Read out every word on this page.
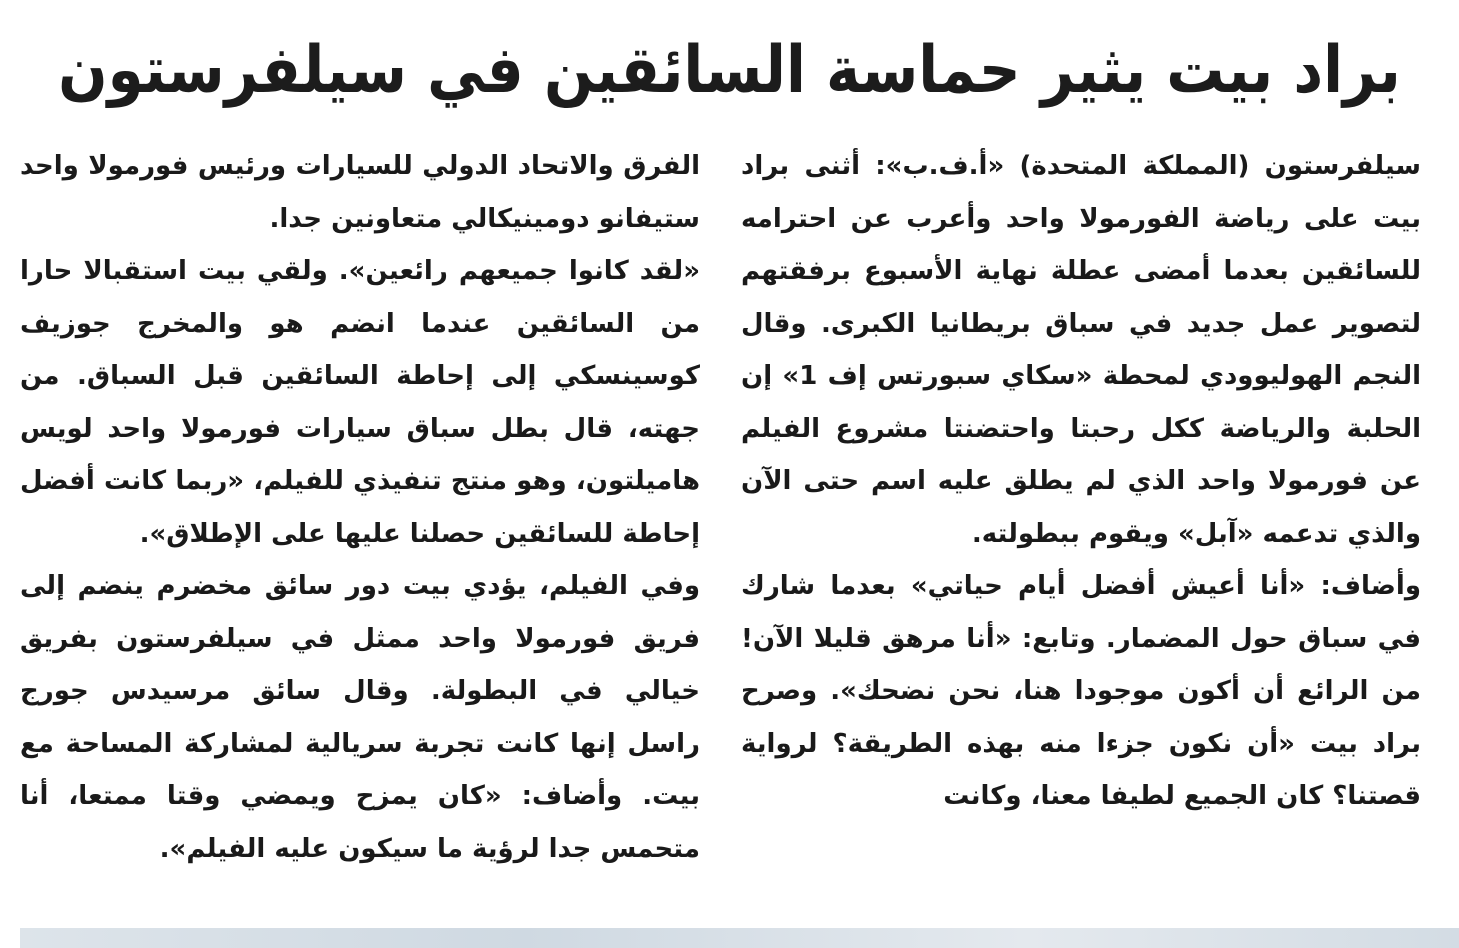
براد بيت يثير حماسة السائقين في سيلفرستون

سيلفرستون (المملكة المتحدة) «أ.ف.ب»: أثنى براد بيت على رياضة الفورمولا واحد وأعرب عن احترامه للسائقين بعدما أمضى عطلة نهاية الأسبوع برفقتهم لتصوير عمل جديد في سباق بريطانيا الكبرى. وقال النجم الهوليوودي لمحطة «سكاي سبورتس إف 1» إن الحلبة والرياضة ككل رحبتا واحتضنتا مشروع الفيلم عن فورمولا واحد الذي لم يطلق عليه اسم حتى الآن والذي تدعمه «آبل» ويقوم ببطولته.

وأضاف: «أنا أعيش أفضل أيام حياتي» بعدما شارك في سباق حول المضمار. وتابع: «أنا مرهق قليلا الآن! من الرائع أن أكون موجودا هنا، نحن نضحك». وصرح براد بيت «أن نكون جزءا منه بهذه الطريقة؟ لرواية قصتنا؟ كان الجميع لطيفا معنا، وكانت

الفرق والاتحاد الدولي للسيارات ورئيس فورمولا واحد ستيفانو دومينيكالي متعاونين جدا.

«لقد كانوا جميعهم رائعين». ولقي بيت استقبالا حارا من السائقين عندما انضم هو والمخرج جوزيف كوسينسكي إلى إحاطة السائقين قبل السباق. من جهته، قال بطل سباق سيارات فورمولا واحد لويس هاميلتون، وهو منتج تنفيذي للفيلم، «ربما كانت أفضل إحاطة للسائقين حصلنا عليها على الإطلاق».

وفي الفيلم، يؤدي بيت دور سائق مخضرم ينضم إلى فريق فورمولا واحد ممثل في سيلفرستون بفريق خيالي في البطولة. وقال سائق مرسيدس جورج راسل إنها كانت تجربة سريالية لمشاركة المساحة مع بيت. وأضاف: «كان يمزح ويمضي وقتا ممتعا، أنا متحمس جدا لرؤية ما سيكون عليه الفيلم».
